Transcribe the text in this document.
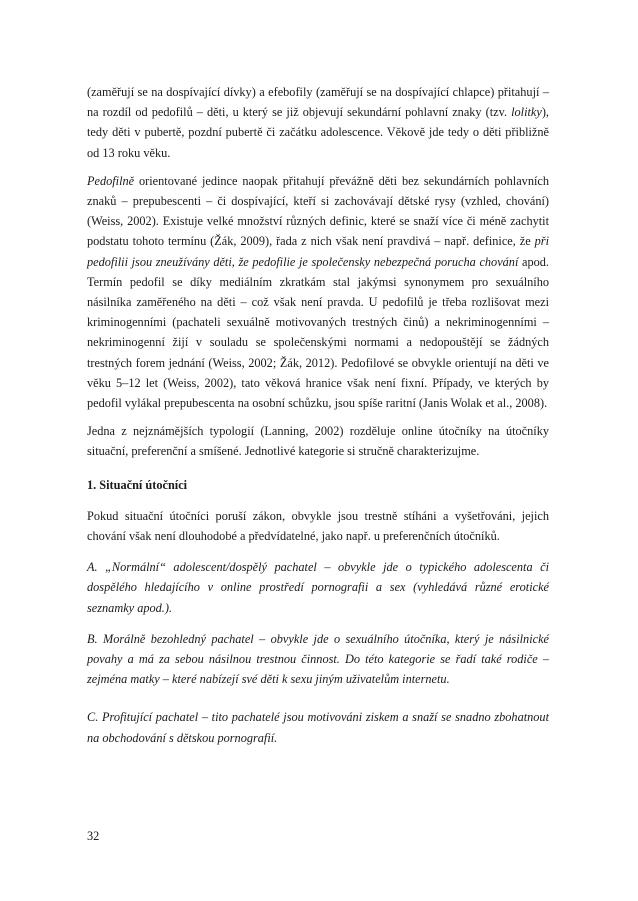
(zaměřují se na dospívající dívky) a efebofily (zaměřují se na dospívající chlapce) přitahují – na rozdíl od pedofilů – děti, u který se již objevují sekundární pohlavní znaky (tzv. lolitky), tedy děti v pubertě, pozdní pubertě či začátku adolescence. Věkově jde tedy o děti přibližně od 13 roku věku.

Pedofilně orientované jedince naopak přitahují převážně děti bez sekundárních pohlavních znaků – prepubescenti – či dospívající, kteří si zachovávají dětské rysy (vzhled, chování) (Weiss, 2002). Existuje velké množství různých definic, které se snaží více či méně zachytit podstatu tohoto termínu (Žák, 2009), řada z nich však není pravdivá – např. definice, že při pedofilii jsou zneužívány děti, že pedofilie je společensky nebezpečná porucha chování apod. Termín pedofil se díky mediálním zkratkám stal jakýmsi synonymem pro sexuálního násilníka zaměřeného na děti – což však není pravda. U pedofilů je třeba rozlišovat mezi kriminogenními (pachateli sexuálně motivovaných trestných činů) a nekriminogenními – nekriminogenní žijí v souladu se společenskými normami a nedopouštějí se žádných trestných forem jednání (Weiss, 2002; Žák, 2012). Pedofilové se obvykle orientují na děti ve věku 5–12 let (Weiss, 2002), tato věková hranice však není fixní. Případy, ve kterých by pedofil vylákal prepubescenta na osobní schůzku, jsou spíše raritní (Janis Wolak et al., 2008).

Jedna z nejznámějších typologií (Lanning, 2002) rozděluje online útočníky na útočníky situační, preferenční a smíšené. Jednotlivé kategorie si stručně charakterizujme.

1. Situační útočníci

Pokud situační útočníci poruší zákon, obvykle jsou trestně stíháni a vyšetřováni, jejich chování však není dlouhodobé a předvídatelné, jako např. u preferenčních útočníků.

A. „Normální“ adolescent/dospělý pachatel – obvykle jde o typického adolescenta či dospělého hledajícího v online prostředí pornografii a sex (vyhledává různé erotické seznamky apod.).

B. Morálně bezohledný pachatel – obvykle jde o sexuálního útočníka, který je násilnické povahy a má za sebou násilnou trestnou činnost. Do této kategorie se řadí také rodiče – zejména matky – které nabízejí své děti k sexu jiným uživatelům internetu.

C. Profitující pachatel – tito pachatelé jsou motivováni ziskem a snaží se snadno zbohatnout na obchodování s dětskou pornografií.

32
